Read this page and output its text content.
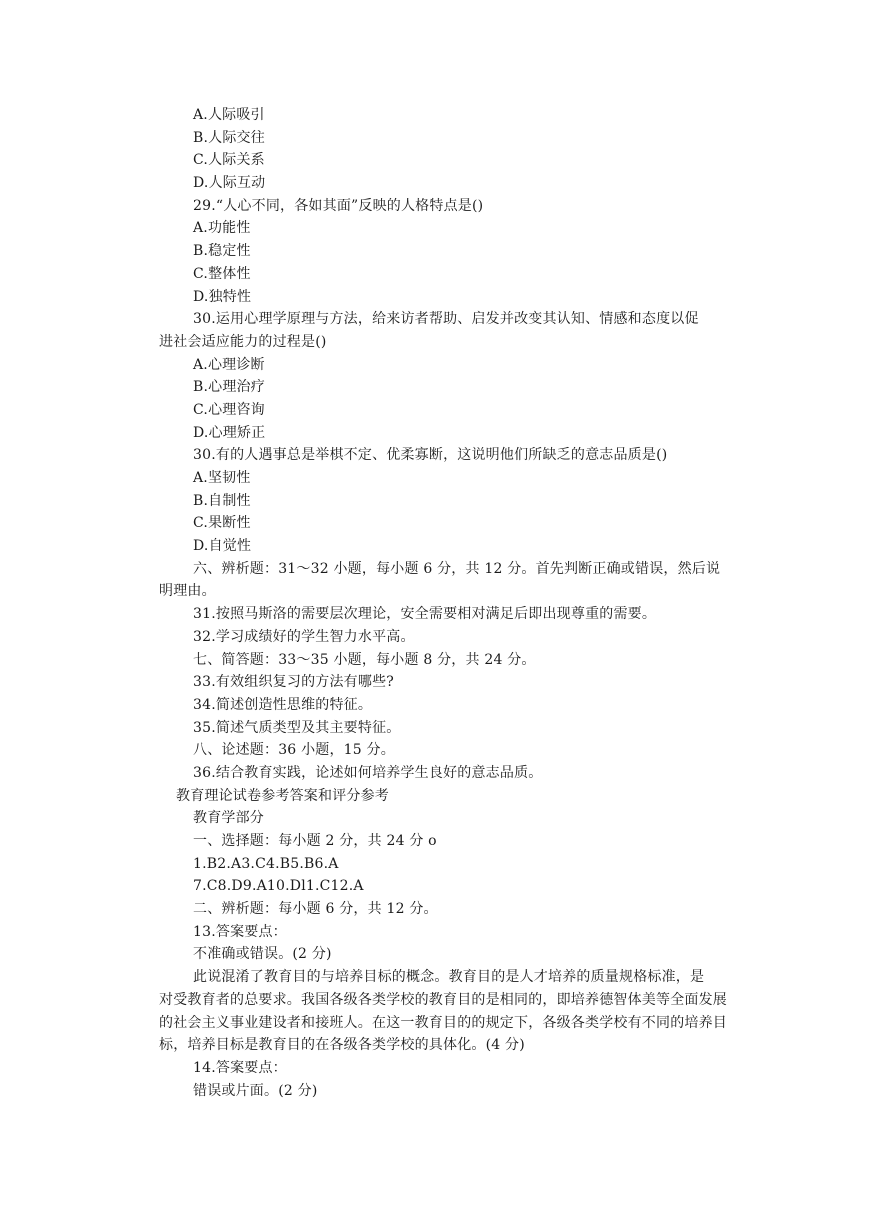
A.人际吸引
B.人际交往
C.人际关系
D.人际互动
29.“人心不同，各如其面”反映的人格特点是()
A.功能性
B.稳定性
C.整体性
D.独特性
30.运用心理学原理与方法，给来访者帮助、启发并改变其认知、情感和态度以促
进社会适应能力的过程是()
A.心理诊断
B.心理治疗
C.心理咨询
D.心理矫正
30.有的人遇事总是举棋不定、优柔寡断，这说明他们所缺乏的意志品质是()
A.坚韧性
B.自制性
C.果断性
D.自觉性
六、辨析题：31～32 小题，每小题 6 分，共 12 分。首先判断正确或错误，然后说
明理由。
31.按照马斯洛的需要层次理论，安全需要相对满足后即出现尊重的需要。
32.学习成绩好的学生智力水平高。
七、简答题：33～35 小题，每小题 8 分，共 24 分。
33.有效组织复习的方法有哪些?
34.简述创造性思维的特征。
35.简述气质类型及其主要特征。
八、论述题：36 小题，15 分。
36.结合教育实践，论述如何培养学生良好的意志品质。
教育理论试卷参考答案和评分参考
教育学部分
一、选择题：每小题 2 分，共 24 分 o
1.B2.A3.C4.B5.B6.A
7.C8.D9.A10.Dl1.C12.A
二、辨析题：每小题 6 分，共 12 分。
13.答案要点：
不准确或错误。(2 分)
此说混淆了教育目的与培养目标的概念。教育目的是人才培养的质量规格标准，是
对受教育者的总要求。我国各级各类学校的教育目的是相同的，即培养德智体美等全面发展
的社会主义事业建设者和接班人。在这一教育目的的规定下，各级各类学校有不同的培养目
标，培养目标是教育目的在各级各类学校的具体化。(4 分)
14.答案要点：
错误或片面。(2 分)
